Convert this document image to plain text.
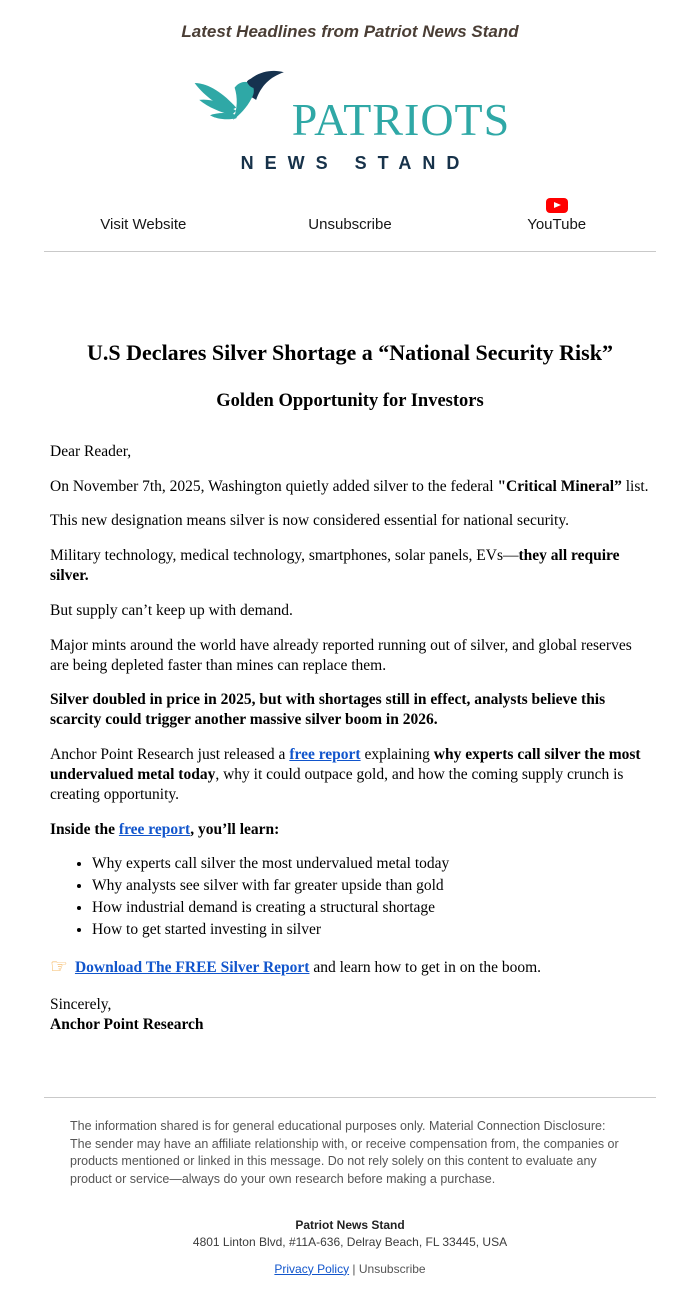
Latest Headlines from Patriot News Stand
PATRIOTS
NEWS STAND
Visit Website	Unsubscribe	YouTube
U.S Declares Silver Shortage a “National Security Risk”
Golden Opportunity for Investors

Dear Reader,

On November 7th, 2025, Washington quietly added silver to the federal "Critical Mineral” list.

This new designation means silver is now considered essential for national security.

Military technology, medical technology, smartphones, solar panels, EVs—they all require silver.

But supply can’t keep up with demand.

Major mints around the world have already reported running out of silver, and global reserves are being depleted faster than mines can replace them.

Silver doubled in price in 2025, but with shortages still in effect, analysts believe this scarcity could trigger another massive silver boom in 2026.

Anchor Point Research just released a free report explaining why experts call silver the most undervalued metal today, why it could outpace gold, and how the coming supply crunch is creating opportunity.

Inside the free report, you’ll learn:

• Why experts call silver the most undervalued metal today
• Why analysts see silver with far greater upside than gold
• How industrial demand is creating a structural shortage
• How to get started investing in silver

☞ Download The FREE Silver Report and learn how to get in on the boom.

Sincerely,
Anchor Point Research

The information shared is for general educational purposes only. Material Connection Disclosure: The sender may have an affiliate relationship with, or receive compensation from, the companies or products mentioned or linked in this message. Do not rely solely on this content to evaluate any product or service—always do your own research before making a purchase.
Patriot News Stand
4801 Linton Blvd, #11A-636, Delray Beach, FL 33445, USA
Privacy Policy | Unsubscribe
